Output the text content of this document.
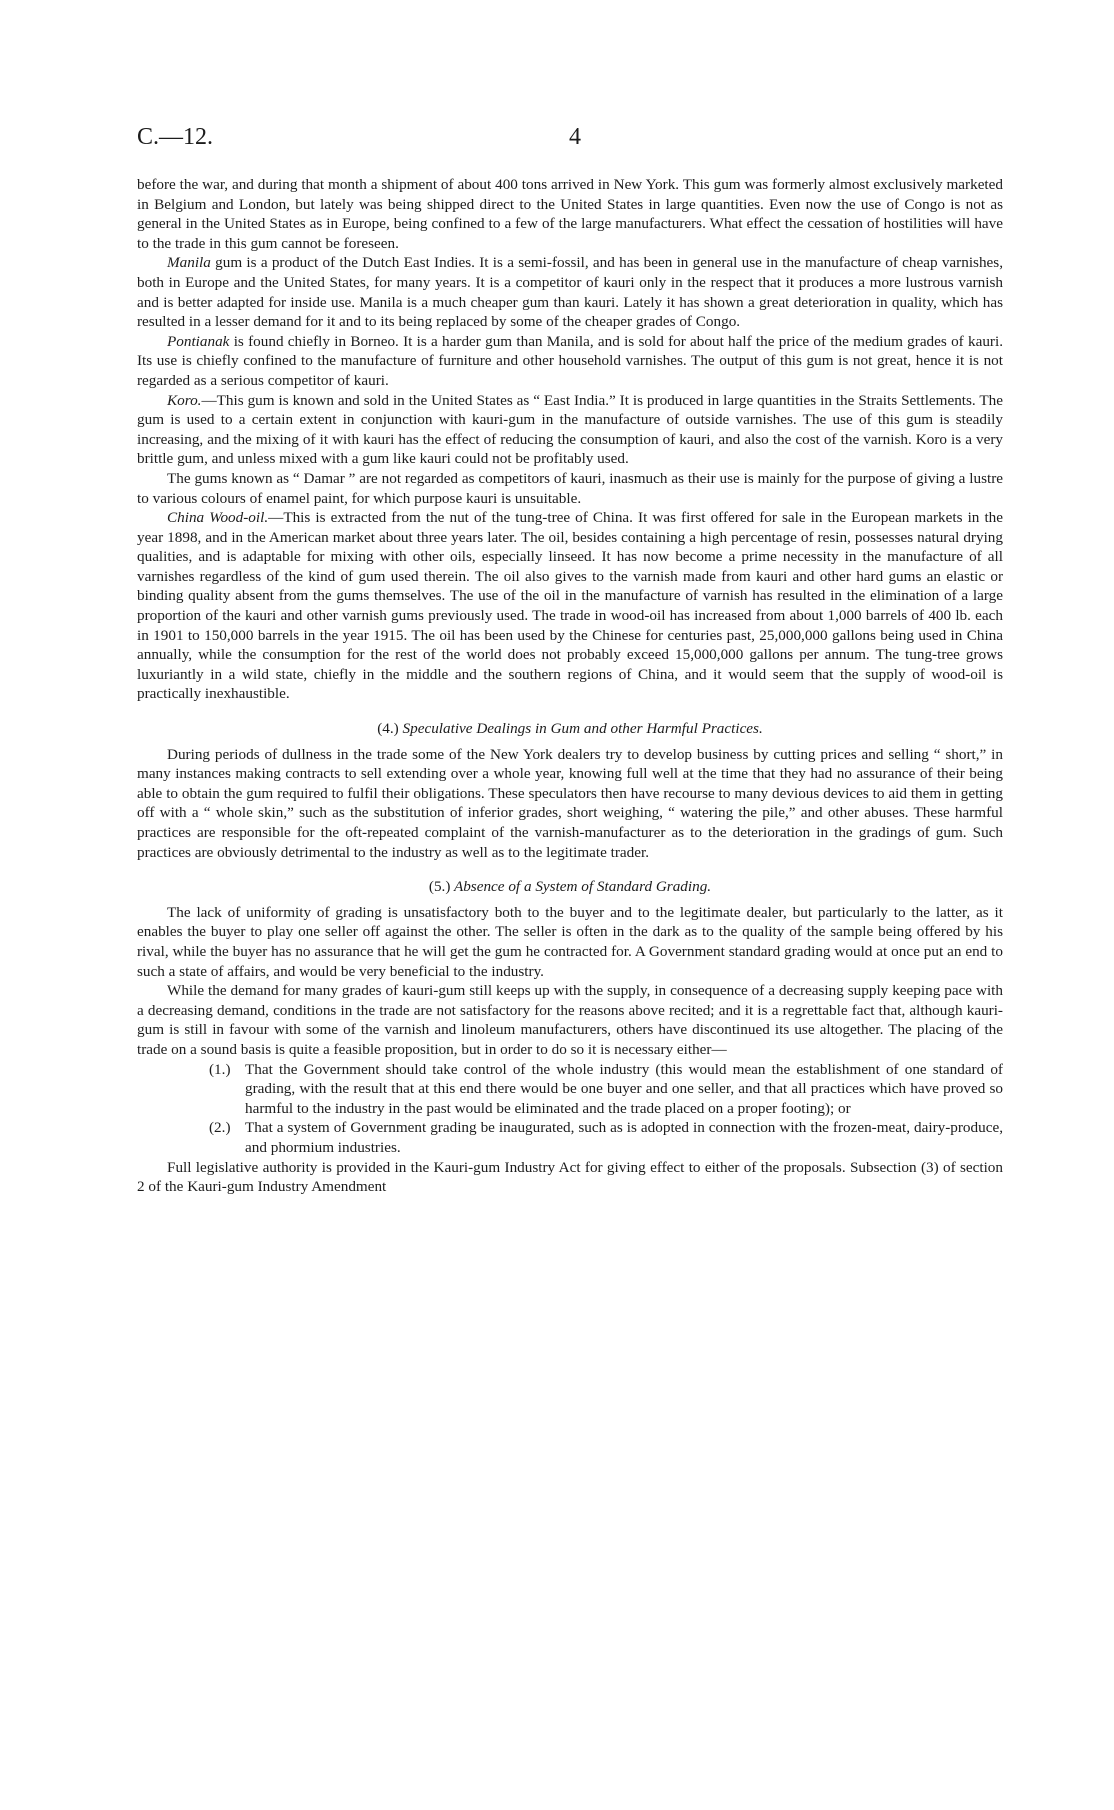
C.—12.	4

before the war, and during that month a shipment of about 400 tons arrived in New York. This gum was formerly almost exclusively marketed in Belgium and London, but lately was being shipped direct to the United States in large quantities. Even now the use of Congo is not as general in the United States as in Europe, being confined to a few of the large manufacturers. What effect the cessation of hostilities will have to the trade in this gum cannot be foreseen.

Manila gum is a product of the Dutch East Indies. It is a semi-fossil, and has been in general use in the manufacture of cheap varnishes, both in Europe and the United States, for many years. It is a competitor of kauri only in the respect that it produces a more lustrous varnish and is better adapted for inside use. Manila is a much cheaper gum than kauri. Lately it has shown a great deterioration in quality, which has resulted in a lesser demand for it and to its being replaced by some of the cheaper grades of Congo.

Pontianak is found chiefly in Borneo. It is a harder gum than Manila, and is sold for about half the price of the medium grades of kauri. Its use is chiefly confined to the manufacture of furniture and other household varnishes. The output of this gum is not great, hence it is not regarded as a serious competitor of kauri.

Koro.—This gum is known and sold in the United States as “ East India.” It is produced in large quantities in the Straits Settlements. The gum is used to a certain extent in conjunction with kauri-gum in the manufacture of outside varnishes. The use of this gum is steadily increasing, and the mixing of it with kauri has the effect of reducing the consumption of kauri, and also the cost of the varnish. Koro is a very brittle gum, and unless mixed with a gum like kauri could not be profitably used.

The gums known as “ Damar ” are not regarded as competitors of kauri, inasmuch as their use is mainly for the purpose of giving a lustre to various colours of enamel paint, for which purpose kauri is unsuitable.

China Wood-oil.—This is extracted from the nut of the tung-tree of China. It was first offered for sale in the European markets in the year 1898, and in the American market about three years later. The oil, besides containing a high percentage of resin, possesses natural drying qualities, and is adaptable for mixing with other oils, especially linseed. It has now become a prime necessity in the manufacture of all varnishes regardless of the kind of gum used therein. The oil also gives to the varnish made from kauri and other hard gums an elastic or binding quality absent from the gums themselves. The use of the oil in the manufacture of varnish has resulted in the elimination of a large proportion of the kauri and other varnish gums previously used. The trade in wood-oil has increased from about 1,000 barrels of 400 lb. each in 1901 to 150,000 barrels in the year 1915. The oil has been used by the Chinese for centuries past, 25,000,000 gallons being used in China annually, while the consumption for the rest of the world does not probably exceed 15,000,000 gallons per annum. The tung-tree grows luxuriantly in a wild state, chiefly in the middle and the southern regions of China, and it would seem that the supply of wood-oil is practically inexhaustible.

(4.) Speculative Dealings in Gum and other Harmful Practices.

During periods of dullness in the trade some of the New York dealers try to develop business by cutting prices and selling “ short,” in many instances making contracts to sell extending over a whole year, knowing full well at the time that they had no assurance of their being able to obtain the gum required to fulfil their obligations. These speculators then have recourse to many devious devices to aid them in getting off with a “ whole skin,” such as the substitution of inferior grades, short weighing, “ watering the pile,” and other abuses. These harmful practices are responsible for the oft-repeated complaint of the varnish-manufacturer as to the deterioration in the gradings of gum. Such practices are obviously detrimental to the industry as well as to the legitimate trader.

(5.) Absence of a System of Standard Grading.

The lack of uniformity of grading is unsatisfactory both to the buyer and to the legitimate dealer, but particularly to the latter, as it enables the buyer to play one seller off against the other. The seller is often in the dark as to the quality of the sample being offered by his rival, while the buyer has no assurance that he will get the gum he contracted for. A Government standard grading would at once put an end to such a state of affairs, and would be very beneficial to the industry.

While the demand for many grades of kauri-gum still keeps up with the supply, in consequence of a decreasing supply keeping pace with a decreasing demand, conditions in the trade are not satisfactory for the reasons above recited; and it is a regrettable fact that, although kauri-gum is still in favour with some of the varnish and linoleum manufacturers, others have discontinued its use altogether. The placing of the trade on a sound basis is quite a feasible proposition, but in order to do so it is necessary either—

(1.) That the Government should take control of the whole industry (this would mean the establishment of one standard of grading, with the result that at this end there would be one buyer and one seller, and that all practices which have proved so harmful to the industry in the past would be eliminated and the trade placed on a proper footing); or
(2.) That a system of Government grading be inaugurated, such as is adopted in connection with the frozen-meat, dairy-produce, and phormium industries.

Full legislative authority is provided in the Kauri-gum Industry Act for giving effect to either of the proposals. Subsection (3) of section 2 of the Kauri-gum Industry Amendment
